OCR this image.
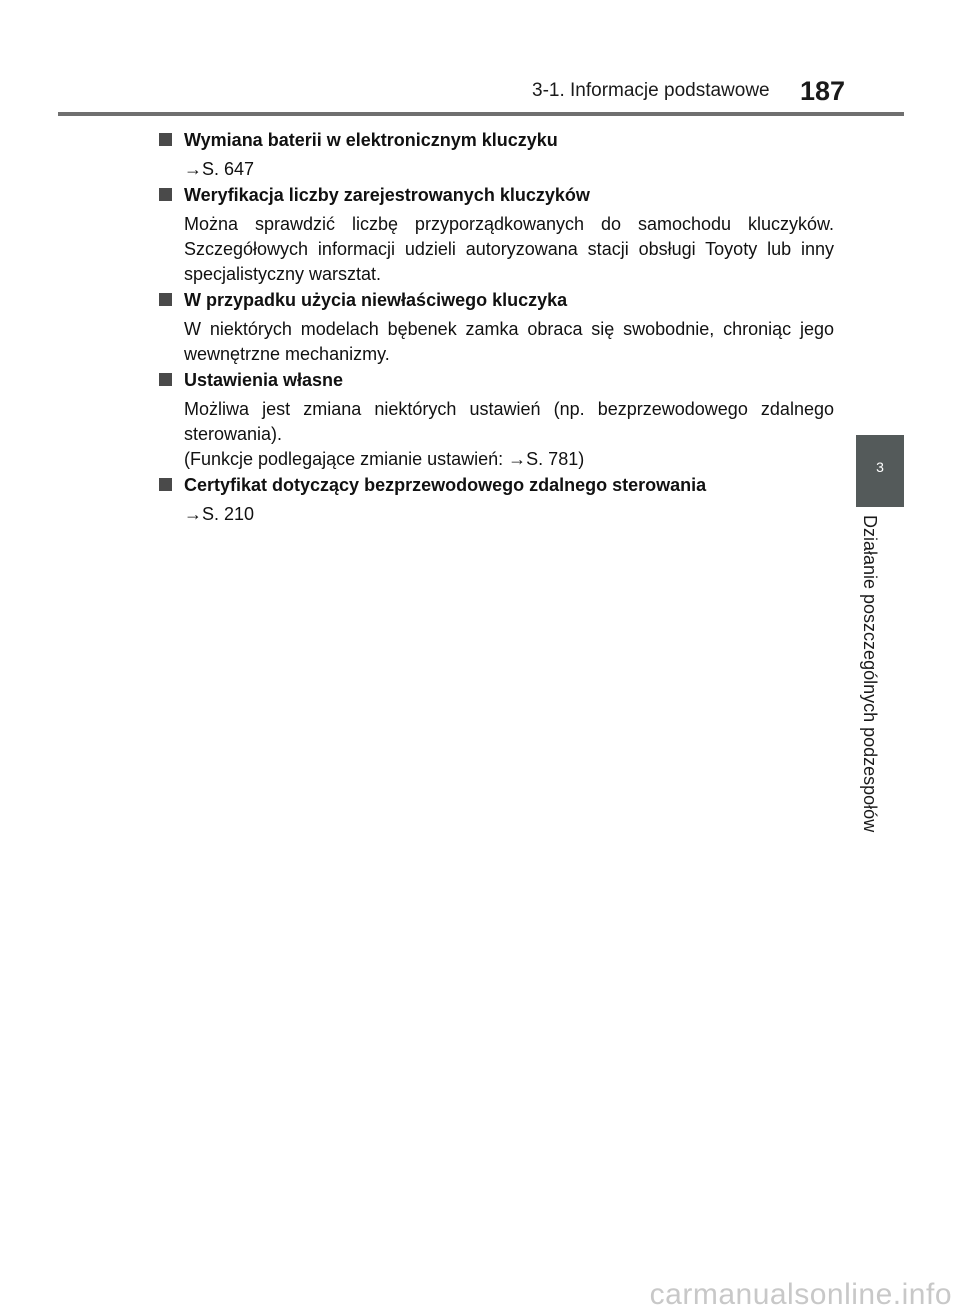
3-1. Informacje podstawowe 187
Wymiana baterii w elektronicznym kluczyku
→S. 647
Weryfikacja liczby zarejestrowanych kluczyków
Można sprawdzić liczbę przyporządkowanych do samochodu kluczyków. Szczegółowych informacji udzieli autoryzowana stacji obsługi Toyoty lub inny specjalistyczny warsztat.
W przypadku użycia niewłaściwego kluczyka
W niektórych modelach bębenek zamka obraca się swobodnie, chroniąc jego wewnętrzne mechanizmy.
Ustawienia własne
Możliwa jest zmiana niektórych ustawień (np. bezprzewodowego zdalnego sterowania).
(Funkcje podlegające zmianie ustawień: →S. 781)
Certyfikat dotyczący bezprzewodowego zdalnego sterowania
→S. 210
3
Działanie poszczególnych podzespołów
carmanualsonline.info
